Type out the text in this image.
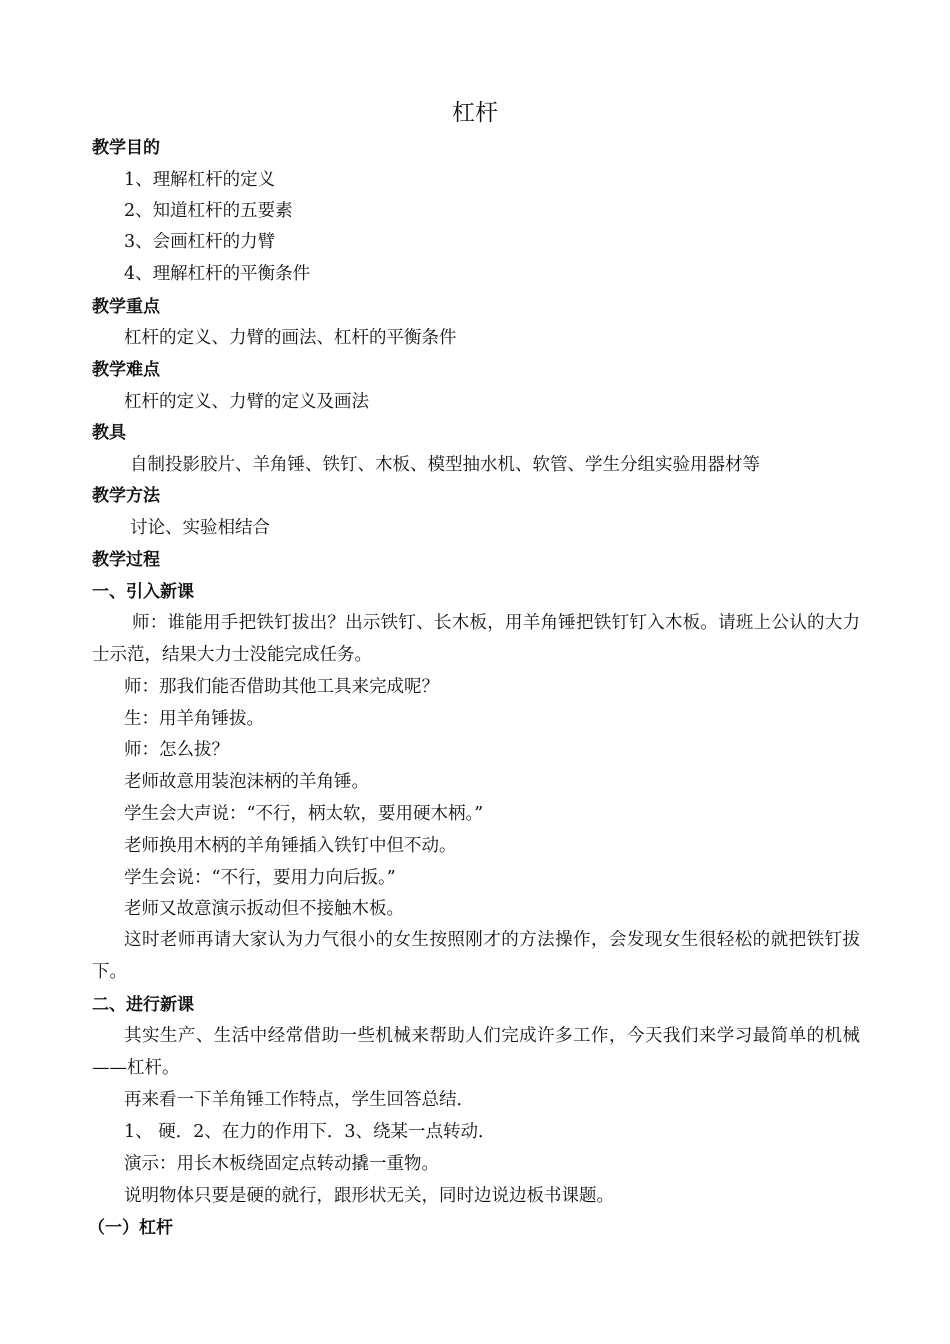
杠杆
教学目的
1、理解杠杆的定义
2、知道杠杆的五要素
3、会画杠杆的力臂
4、理解杠杆的平衡条件
教学重点
杠杆的定义、力臂的画法、杠杆的平衡条件
教学难点
杠杆的定义、力臂的定义及画法
教具
自制投影胶片、羊角锤、铁钉、木板、模型抽水机、软管、学生分组实验用器材等
教学方法
讨论、实验相结合
教学过程
一、引入新课
师：谁能用手把铁钉拔出？出示铁钉、长木板，用羊角锤把铁钉钉入木板。请班上公认的大力士示范，结果大力士没能完成任务。
师：那我们能否借助其他工具来完成呢？
生：用羊角锤拔。
师：怎么拔？
老师故意用装泡沫柄的羊角锤。
学生会大声说：“不行，柄太软，要用硬木柄。”
老师换用木柄的羊角锤插入铁钉中但不动。
学生会说：“不行，要用力向后扳。”
老师又故意演示扳动但不接触木板。
这时老师再请大家认为力气很小的女生按照刚才的方法操作，会发现女生很轻松的就把铁钉拔下。
二、进行新课
其实生产、生活中经常借助一些机械来帮助人们完成许多工作，今天我们来学习最简单的机械——杠杆。
再来看一下羊角锤工作特点，学生回答总结．
1、 硬．2、在力的作用下．3、绕某一点转动．
演示：用长木板绕固定点转动撬一重物。
说明物体只要是硬的就行，跟形状无关，同时边说边板书课题。
（一）杠杆
